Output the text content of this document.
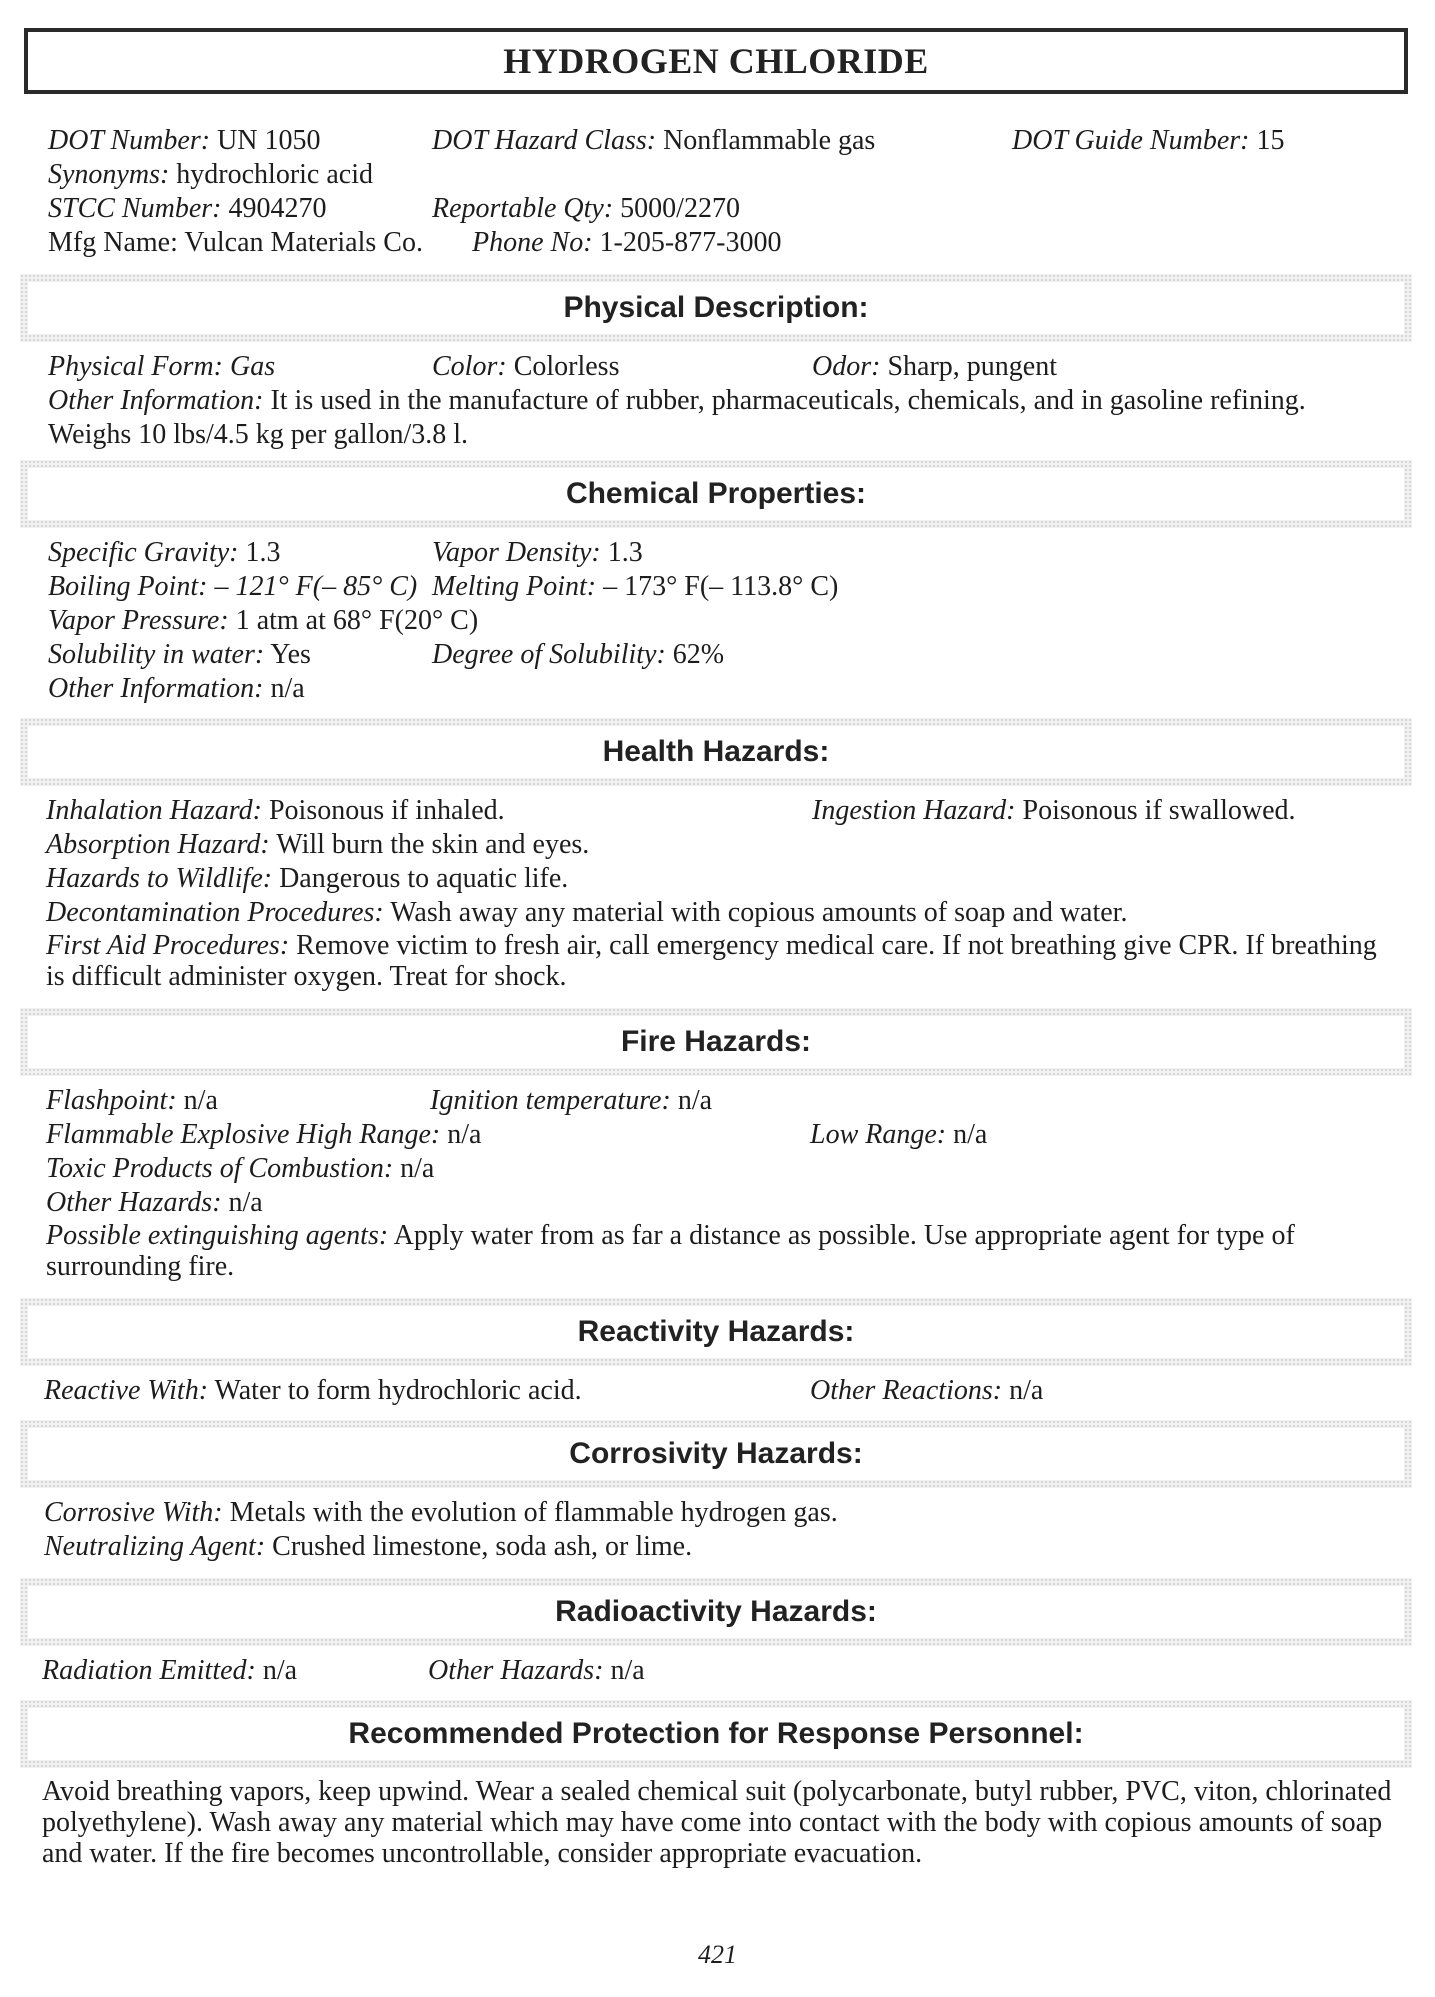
HYDROGEN CHLORIDE
DOT Number: UN 1050	DOT Hazard Class: Nonflammable gas	DOT Guide Number: 15
Synonyms: hydrochloric acid
STCC Number: 4904270	Reportable Qty: 5000/2270
Mfg Name: Vulcan Materials Co. Phone No: 1-205-877-3000
Physical Description:
Physical Form: Gas	Color: Colorless	Odor: Sharp, pungent
Other Information: It is used in the manufacture of rubber, pharmaceuticals, chemicals, and in gasoline refining. Weighs 10 lbs/4.5 kg per gallon/3.8 l.
Chemical Properties:
Specific Gravity: 1.3	Vapor Density: 1.3
Boiling Point: – 121° F(– 85° C) Melting Point: – 173° F(– 113.8° C)
Vapor Pressure: 1 atm at 68° F(20° C)
Solubility in water: Yes	Degree of Solubility: 62%
Other Information: n/a
Health Hazards:
Inhalation Hazard: Poisonous if inhaled.	Ingestion Hazard: Poisonous if swallowed.
Absorption Hazard: Will burn the skin and eyes.
Hazards to Wildlife: Dangerous to aquatic life.
Decontamination Procedures: Wash away any material with copious amounts of soap and water.
First Aid Procedures: Remove victim to fresh air, call emergency medical care. If not breathing give CPR. If breathing is difficult administer oxygen. Treat for shock.
Fire Hazards:
Flashpoint: n/a	Ignition temperature: n/a
Flammable Explosive High Range: n/a	Low Range: n/a
Toxic Products of Combustion: n/a
Other Hazards: n/a
Possible extinguishing agents: Apply water from as far a distance as possible. Use appropriate agent for type of surrounding fire.
Reactivity Hazards:
Reactive With: Water to form hydrochloric acid.	Other Reactions: n/a
Corrosivity Hazards:
Corrosive With: Metals with the evolution of flammable hydrogen gas.
Neutralizing Agent: Crushed limestone, soda ash, or lime.
Radioactivity Hazards:
Radiation Emitted: n/a	Other Hazards: n/a
Recommended Protection for Response Personnel:
Avoid breathing vapors, keep upwind. Wear a sealed chemical suit (polycarbonate, butyl rubber, PVC, viton, chlorinated polyethylene). Wash away any material which may have come into contact with the body with copious amounts of soap and water. If the fire becomes uncontrollable, consider appropriate evacuation.
421
